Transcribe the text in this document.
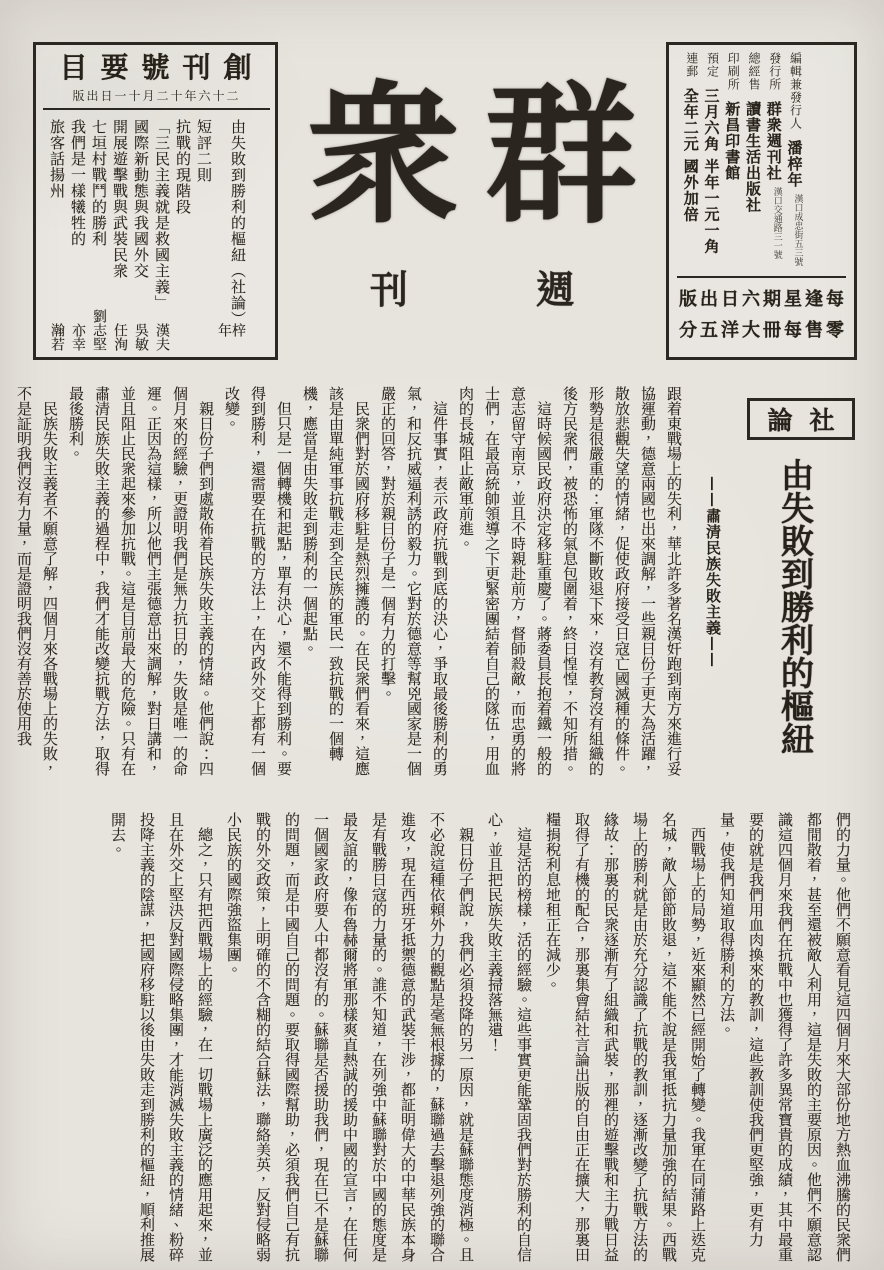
目要號刊創
版出日一十月二十年六十二
由失敗到勝利的樞紐（社論）
梓年
短評二則
抗戰的現階段
「三民主義就是救國主義」
漢夫
國際新動態與我國外交
吳敏
開展遊擊戰與武裝民衆
任洵
七垣村戰鬥的勝利
劉志堅
我們是一樣犧牲的
亦幸
旅客話揚州
瀚若
衆群
刊週
編輯兼發行人
潘梓年
漢口成忠街五三號
發行所
群衆週刊社
漢口交通路三一號
總經售
讀書生活出版社
印刷所
新昌印書館
預定
三月六角 半年一元一角
連郵
全年二元 國外加倍
版出日六期星逢每
分五洋大冊每售零
論社
由失敗到勝利的樞紐
——肅清民族失敗主義——

跟着東戰場上的失利，華北許多著名漢奸跑到南方來進行妥協運動，德意兩國也出來調解，一些親日份子更大為活躍，散放悲觀失望的情緒，促使政府接受日寇亡國滅種的條件。形勢是很嚴重的：軍隊不斷敗退下來，沒有教育沒有組織的後方民衆們，被恐怖的氣息包圍着，終日惶惶，不知所措。

這時候國民政府決定移駐重慶了。蔣委員長抱着鐵一般的意志留守南京，並且不時親赴前方，督師殺敵，而忠勇的將士們，在最高統帥領導之下更緊密團結着自己的隊伍，用血肉的長城阻止敵軍前進。

這件事實，表示政府抗戰到底的決心，爭取最後勝利的勇氣，和反抗威逼利誘的毅力。它對於德意等幫兇國家是一個嚴正的回答，對於親日份子是一個有力的打擊。

民衆們對於國府移駐是熱烈擁護的。在民衆們看來，這應該是由單純軍事抗戰走到全民族的軍民一致抗戰的一個轉機，應當是由失敗走到勝利的一個起點。

但只是一個轉機和起點，單有決心，還不能得到勝利。要得到勝利，還需要在抗戰的方法上，在內政外交上都有一個改變。

親日份子們到處散佈着民族失敗主義的情緒。他們說：四個月來的經驗，更證明我們是無力抗日的，失敗是唯一的命運。正因為這樣，所以他們主張德意出來調解，對日講和，並且阻止民衆起來參加抗戰。這是目前最大的危險。只有在肅清民族失敗主義的過程中，我們才能改變抗戰方法，取得最後勝利。

民族失敗主義者不願意了解，四個月來各戰場上的失敗，不是証明我們沒有力量，而是證明我們沒有善於使用我

們的力量。他們不願意看見這四個月來大部份地方熱血沸騰的民衆們都閒散着，甚至還被敵人利用，這是失敗的主要原因。他們不願意認識這四個月來我們在抗戰中也獲得了許多異常寶貴的成績，其中最重要的就是我們用血肉換來的教訓，這些教訓使我們更堅強，更有力量，使我們知道取得勝利的方法。

西戰場上的局勢，近來顯然已經開始了轉變。我軍在同蒲路上迭克名城，敵人節節敗退，這不能不說是我軍抵抗力量加強的結果。西戰場上的勝利就是由於充分認識了抗戰的教訓，逐漸改變了抗戰方法的緣故：那裏的民衆逐漸有了組織和武裝，那裡的遊擊戰和主力戰日益取得了有機的配合，那裏集會結社言論出版的自由正在擴大，那裏田糧捐稅利息地租正在減少。

這是活的榜樣，活的經驗。這些事實更能鞏固我們對於勝利的自信心，並且把民族失敗主義掃落無遺！

親日份子們說，我們必須投降的另一原因，就是蘇聯態度消極。且不必說這種依賴外力的觀點是毫無根據的，蘇聯過去擊退列強的聯合進攻，現在西班牙抵禦德意的武裝干涉，都証明偉大的中華民族本身是有戰勝日寇的力量的。誰不知道，在列強中蘇聯對於中國的態度是最友誼的，像布魯赫爾將軍那樣爽直熱誠的援助中國的宣言，在任何一個國家政府要人中都沒有的。蘇聯是否援助我們，現在已不是蘇聯的問題，而是中國自己的問題。要取得國際幫助，必須我們自己有抗戰的外交政策，上明確的不含糊的結合蘇法，聯絡美英，反對侵略弱小民族的國際強盜集團。

總之，只有把西戰場上的經驗，在一切戰場上廣泛的應用起來，並且在外交上堅決反對國際侵略集團，才能消滅失敗主義的情緒、粉碎投降主義的陰謀，把國府移駐以後由失敗走到勝利的樞紐，順利推展開去。
